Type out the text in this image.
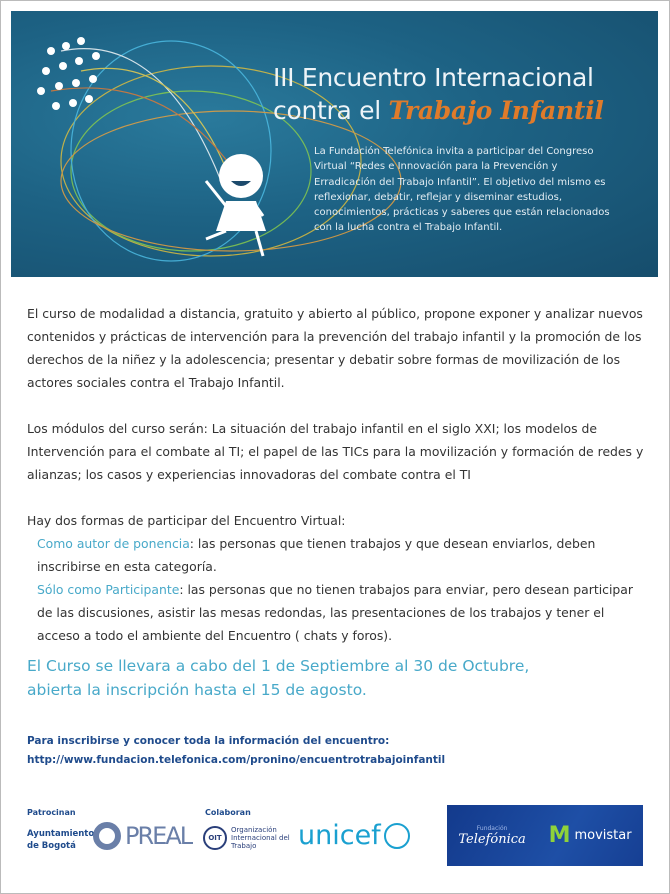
III Encuentro Internacional
contra el Trabajo Infantil
La Fundación Telefónica invita a participar del Congreso Virtual “Redes e Innovación para la Prevención y Erradicación del Trabajo Infantil”. El objetivo del mismo es reflexionar, debatir, reflejar y diseminar estudios, conocimientos, prácticas y saberes que están relacionados con la lucha contra el Trabajo Infantil.

El curso de modalidad a distancia, gratuito y abierto al público, propone exponer y analizar nuevos contenidos y prácticas de intervención para la prevención del trabajo infantil y la promoción de los derechos de la niñez y la adolescencia; presentar y debatir sobre formas de movilización de los actores sociales contra el Trabajo Infantil.

Los módulos del curso serán: La situación del trabajo infantil en el siglo XXI; los modelos de Intervención para el combate al TI; el papel de las TICs para la movilización y formación de redes y alianzas; los casos y experiencias innovadoras del combate contra el TI

Hay dos formas de participar del Encuentro Virtual:
Como autor de ponencia: las personas que tienen trabajos y que desean enviarlos, deben inscribirse en esta categoría.
Sólo como Participante: las personas que no tienen trabajos para enviar, pero desean participar de las discusiones, asistir las mesas redondas, las presentaciones de los trabajos y tener el acceso a todo el ambiente del Encuentro ( chats y foros).
El Curso se llevara a cabo del 1 de Septiembre al 30 de Octubre,
abierta la inscripción hasta el 15 de agosto.
Para inscribirse y conocer toda la información del encuentro:
http://www.fundacion.telefonica.com/pronino/encuentrotrabajoinfantil
Patrocinan	Colaboran
Ayuntamiento de Bogotá	PREAL	OIT
Organización Internacional del Trabajo	unicef	Fundación
Telefónica M movistar
